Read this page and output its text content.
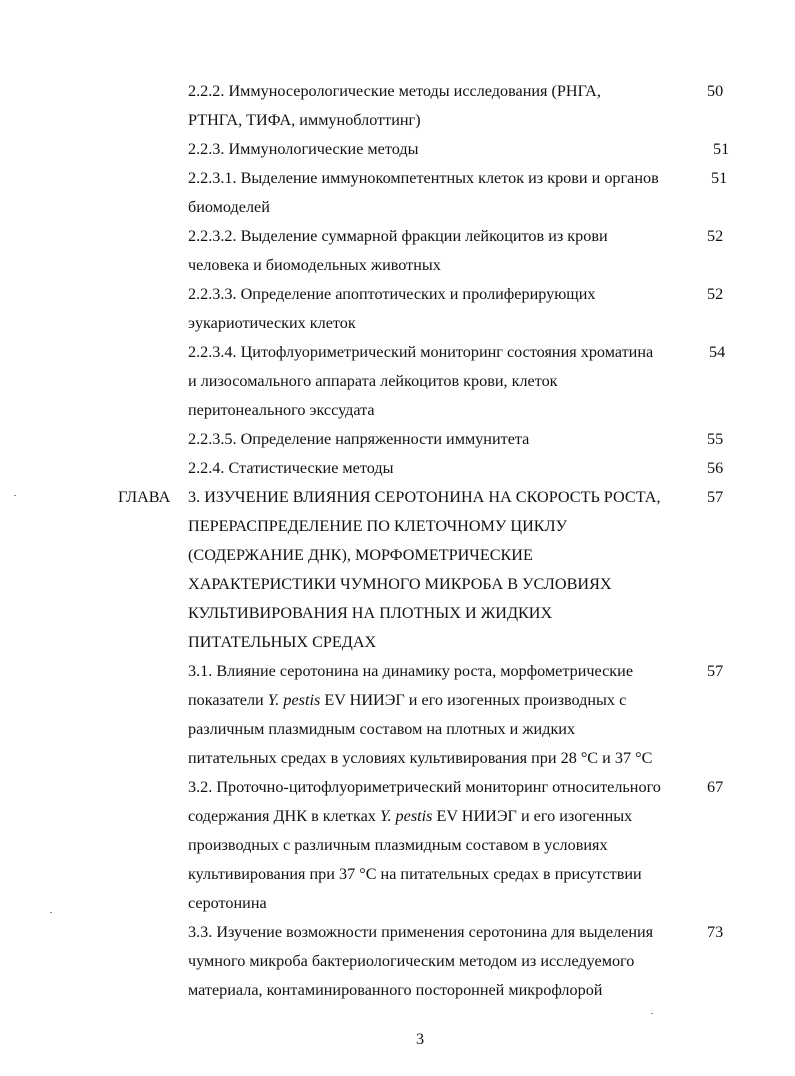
2.2.2. Иммуносерологические методы исследования (РНГА,	50
РТНГА, ТИФА, иммуноблоттинг)
2.2.3. Иммунологические методы	51
2.2.3.1. Выделение иммунокомпетентных клеток из крови и органов	51
биомоделей
2.2.3.2. Выделение суммарной фракции лейкоцитов из крови	52
человека и биомодельных животных
2.2.3.3. Определение апоптотических и пролиферирующих	52
эукариотических клеток
2.2.3.4. Цитофлуориметрический мониторинг состояния хроматина	54
и лизосомального аппарата лейкоцитов крови, клеток
перитонеального экссудата
2.2.3.5. Определение напряженности иммунитета	55
2.2.4. Статистические методы	56
ГЛАВА 3. ИЗУЧЕНИЕ ВЛИЯНИЯ СЕРОТОНИНА НА СКОРОСТЬ РОСТА,	57
ПЕРЕРАСПРЕДЕЛЕНИЕ ПО КЛЕТОЧНОМУ ЦИКЛУ
(СОДЕРЖАНИЕ ДНК), МОРФОМЕТРИЧЕСКИЕ
ХАРАКТЕРИСТИКИ ЧУМНОГО МИКРОБА В УСЛОВИЯХ
КУЛЬТИВИРОВАНИЯ НА ПЛОТНЫХ И ЖИДКИХ
ПИТАТЕЛЬНЫХ СРЕДАХ
3.1. Влияние серотонина на динамику роста, морфометрические	57
показатели Y. pestis EV НИИЭГ и его изогенных производных с
различным плазмидным составом на плотных и жидких
питательных средах в условиях культивирования при 28 °С и 37 °С
3.2. Проточно-цитофлуориметрический мониторинг относительного	67
содержания ДНК в клетках Y. pestis EV НИИЭГ и его изогенных
производных с различным плазмидным составом в условиях
культивирования при 37 °С на питательных средах в присутствии
серотонина
3.3. Изучение возможности применения серотонина для выделения	73
чумного микроба бактериологическим методом из исследуемого
материала, контаминированного посторонней микрофлорой
3
